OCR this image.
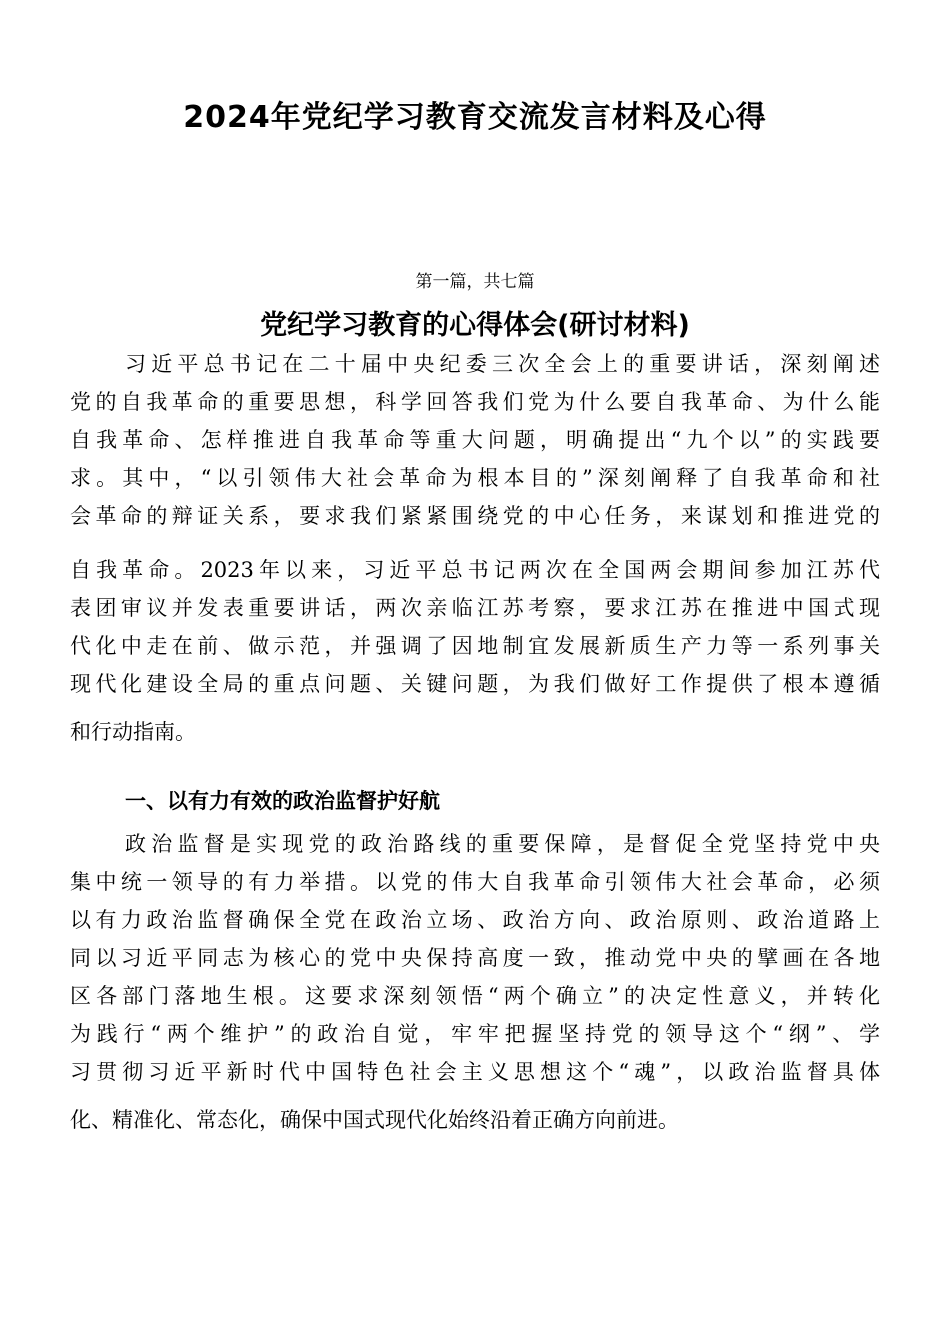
2024年党纪学习教育交流发言材料及心得

第一篇，共七篇

党纪学习教育的心得体会(研讨材料)
习近平总书记在二十届中央纪委三次全会上的重要讲话，深刻阐述
党的自我革命的重要思想，科学回答我们党为什么要自我革命、为什么能
自我革命、怎样推进自我革命等重大问题，明确提出“九个以”的实践要
求。其中，“以引领伟大社会革命为根本目的”深刻阐释了自我革命和社
会革命的辩证关系，要求我们紧紧围绕党的中心任务，来谋划和推进党的
自我革命。2023年以来，习近平总书记两次在全国两会期间参加江苏代
表团审议并发表重要讲话，两次亲临江苏考察，要求江苏在推进中国式现
代化中走在前、做示范，并强调了因地制宜发展新质生产力等一系列事关
现代化建设全局的重点问题、关键问题，为我们做好工作提供了根本遵循
和行动指南。
一、以有力有效的政治监督护好航
政治监督是实现党的政治路线的重要保障，是督促全党坚持党中央
集中统一领导的有力举措。以党的伟大自我革命引领伟大社会革命，必须
以有力政治监督确保全党在政治立场、政治方向、政治原则、政治道路上
同以习近平同志为核心的党中央保持高度一致，推动党中央的擘画在各地
区各部门落地生根。这要求深刻领悟“两个确立”的决定性意义，并转化
为践行“两个维护”的政治自觉，牢牢把握坚持党的领导这个“纲”、学
习贯彻习近平新时代中国特色社会主义思想这个“魂”，以政治监督具体
化、精准化、常态化，确保中国式现代化始终沿着正确方向前进。
